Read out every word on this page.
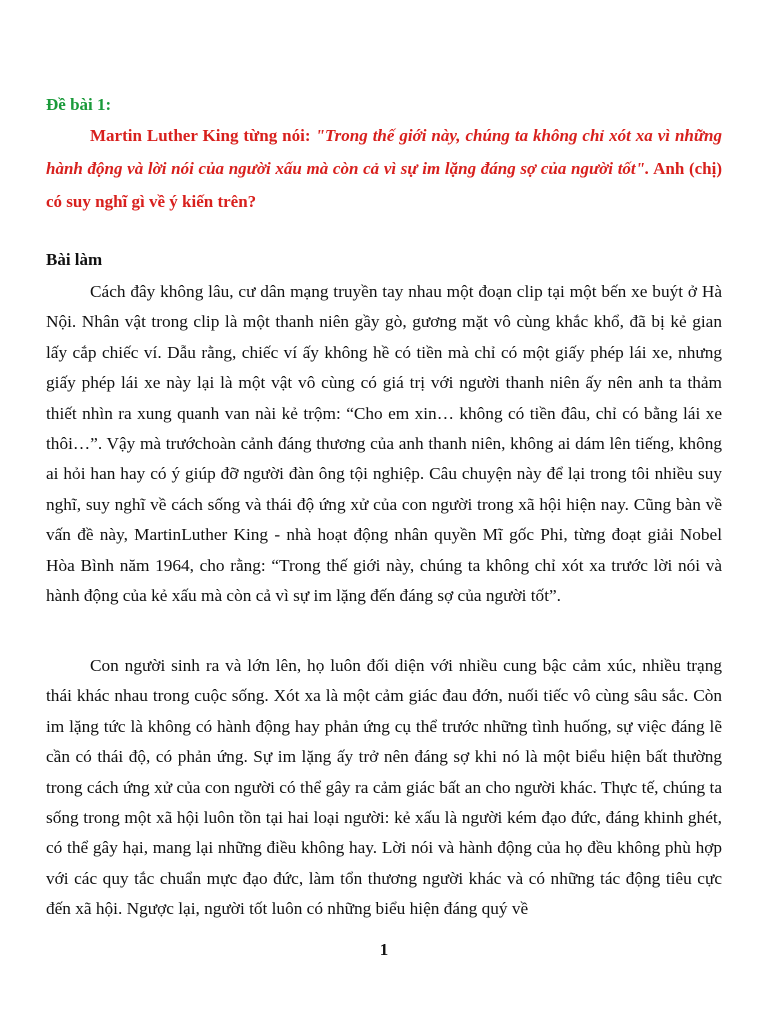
Đề bài 1:
Martin Luther King từng nói: "Trong thế giới này, chúng ta không chỉ xót xa vì những hành động và lời nói của người xấu mà còn cả vì sự im lặng đáng sợ của người tốt". Anh (chị) có suy nghĩ gì về ý kiến trên?
Bài làm
Cách đây không lâu, cư dân mạng truyền tay nhau một đoạn clip tại một bến xe buýt ở Hà Nội. Nhân vật trong clip là một thanh niên gầy gò, gương mặt vô cùng khắc khổ, đã bị kẻ gian lấy cắp chiếc ví. Dẫu rằng, chiếc ví ấy không hề có tiền mà chỉ có một giấy phép lái xe, nhưng giấy phép lái xe này lại là một vật vô cùng có giá trị với người thanh niên ấy nên anh ta thảm thiết nhìn ra xung quanh van nài kẻ trộm: “Cho em xin… không có tiền đâu, chỉ có bằng lái xe thôi…”. Vậy mà trướchoàn cảnh đáng thương của anh thanh niên, không ai dám lên tiếng, không ai hỏi han hay có ý giúp đỡ người đàn ông tội nghiệp. Câu chuyện này để lại trong tôi nhiều suy nghĩ, suy nghĩ về cách sống và thái độ ứng xử của con người trong xã hội hiện nay. Cũng bàn về vấn đề này, MartinLuther King - nhà hoạt động nhân quyền Mĩ gốc Phi, từng đoạt giải Nobel Hòa Bình năm 1964, cho rằng: “Trong thế giới này, chúng ta không chỉ xót xa trước lời nói và hành động của kẻ xấu mà còn cả vì sự im lặng đến đáng sợ của người tốt”.
Con người sinh ra và lớn lên, họ luôn đối diện với nhiều cung bậc cảm xúc, nhiều trạng thái khác nhau trong cuộc sống. Xót xa là một cảm giác đau đớn, nuối tiếc vô cùng sâu sắc. Còn im lặng tức là không có hành động hay phản ứng cụ thể trước những tình huống, sự việc đáng lẽ cần có thái độ, có phản ứng. Sự im lặng ấy trở nên đáng sợ khi nó là một biểu hiện bất thường trong cách ứng xử của con người có thể gây ra cảm giác bất an cho người khác. Thực tế, chúng ta sống trong một xã hội luôn tồn tại hai loại người: kẻ xấu là người kém đạo đức, đáng khinh ghét, có thể gây hại, mang lại những điều không hay. Lời nói và hành động của họ đều không phù hợp với các quy tắc chuẩn mực đạo đức, làm tổn thương người khác và có những tác động tiêu cực đến xã hội. Ngược lại, người tốt luôn có những biểu hiện đáng quý về
1
